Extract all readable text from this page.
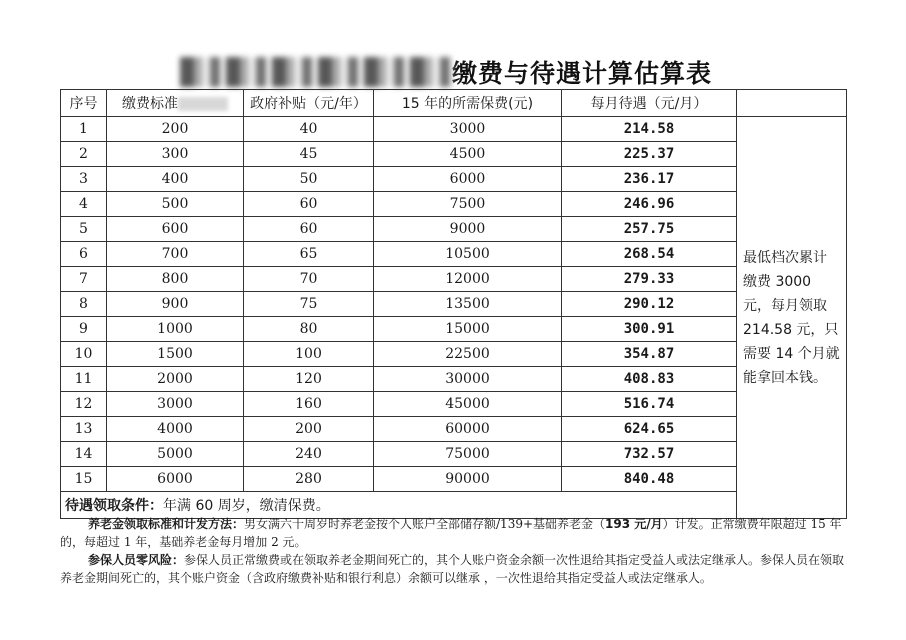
缴费与待遇计算估算表
序号	缴费标准	政府补贴（元/年）	15 年的所需保费(元)	每月待遇（元/月）	
1	200	40	3000	214.58	最低档次累计缴费 3000 元，每月领取 214.58 元，只需要 14 个月就能拿回本钱。
2	300	45	4500	225.37	
3	400	50	6000	236.17	
4	500	60	7500	246.96	
5	600	60	9000	257.75	
6	700	65	10500	268.54	
7	800	70	12000	279.33	
8	900	75	13500	290.12	
9	1000	80	15000	300.91	
10	1500	100	22500	354.87	
11	2000	120	30000	408.83	
12	3000	160	45000	516.74	
13	4000	200	60000	624.65	
14	5000	240	75000	732.57	
15	6000	280	90000	840.48	
待遇领取条件：年满 60 周岁，缴清保费。					
养老金领取标准和计发方法：男女满六十周岁时养老金按个人账户全部储存额/139+基础养老金（193 元/月）计发。正常缴费年限超过 15 年的，每超过 1 年，基础养老金每月增加 2 元。
参保人员零风险：参保人员正常缴费或在领取养老金期间死亡的，其个人账户资金余额一次性退给其指定受益人或法定继承人。参保人员在领取养老金期间死亡的，其个账户资金（含政府缴费补贴和银行利息）余额可以继承 ，一次性退给其指定受益人或法定继承人。
